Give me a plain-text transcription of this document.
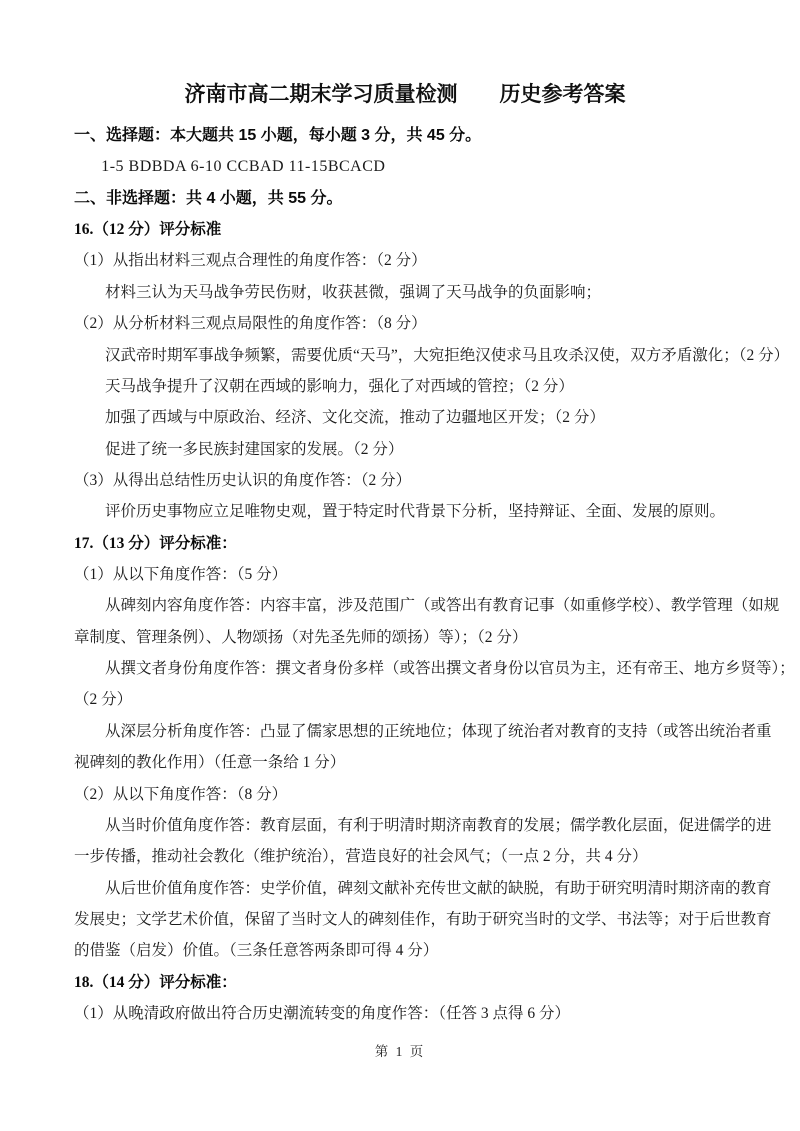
济南市高二期末学习质量检测　　历史参考答案
一、选择题：本大题共 15 小题，每小题 3 分，共 45 分。
1-5 BDBDA 6-10 CCBAD 11-15BCACD
二、非选择题：共 4 小题，共 55 分。
16.（12 分）评分标准
（1）从指出材料三观点合理性的角度作答：（2 分）
材料三认为天马战争劳民伤财，收获甚微，强调了天马战争的负面影响；
（2）从分析材料三观点局限性的角度作答：（8 分）
汉武帝时期军事战争频繁，需要优质“天马”，大宛拒绝汉使求马且攻杀汉使，双方矛盾激化；（2 分）
天马战争提升了汉朝在西域的影响力，强化了对西域的管控；（2 分）
加强了西域与中原政治、经济、文化交流，推动了边疆地区开发；（2 分）
促进了统一多民族封建国家的发展。（2 分）
（3）从得出总结性历史认识的角度作答：（2 分）
评价历史事物应立足唯物史观，置于特定时代背景下分析，坚持辩证、全面、发展的原则。
17.（13 分）评分标准：
（1）从以下角度作答：（5 分）
从碑刻内容角度作答：内容丰富，涉及范围广（或答出有教育记事（如重修学校）、教学管理（如规
章制度、管理条例）、人物颂扬（对先圣先师的颂扬）等）；（2 分）
从撰文者身份角度作答：撰文者身份多样（或答出撰文者身份以官员为主，还有帝王、地方乡贤等）；
（2 分）
从深层分析角度作答：凸显了儒家思想的正统地位；体现了统治者对教育的支持（或答出统治者重
视碑刻的教化作用）（任意一条给 1 分）
（2）从以下角度作答：（8 分）
从当时价值角度作答：教育层面，有利于明清时期济南教育的发展；儒学教化层面，促进儒学的进
一步传播，推动社会教化（维护统治），营造良好的社会风气；（一点 2 分，共 4 分）
从后世价值角度作答：史学价值，碑刻文献补充传世文献的缺脱，有助于研究明清时期济南的教育
发展史；文学艺术价值，保留了当时文人的碑刻佳作，有助于研究当时的文学、书法等；对于后世教育
的借鉴（启发）价值。（三条任意答两条即可得 4 分）
18.（14 分）评分标准：
（1）从晚清政府做出符合历史潮流转变的角度作答：（任答 3 点得 6 分）
第 1 页
